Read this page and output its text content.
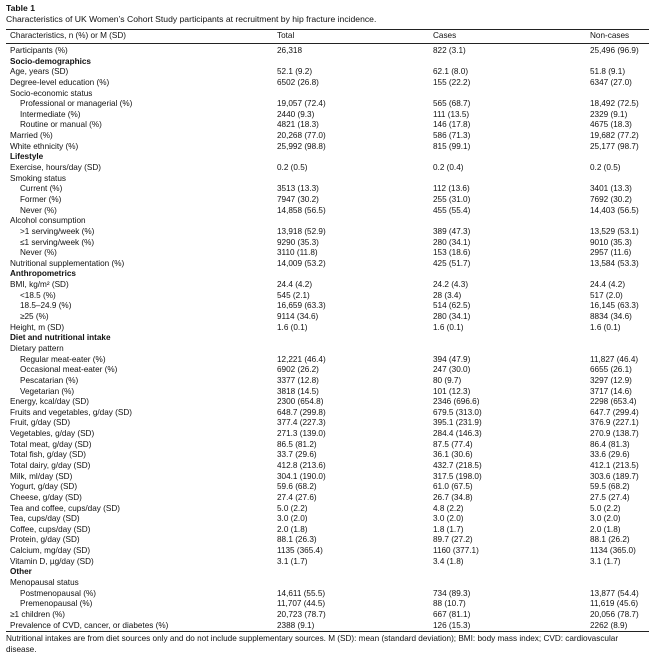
Table 1
Characteristics of UK Women’s Cohort Study participants at recruitment by hip fracture incidence.
Characteristics, n (%) or M (SD)	Total	Cases	Non-cases
Participants (%)	26,318	822 (3.1)	25,496 (96.9)
Socio-demographics
Age, years (SD)	52.1 (9.2)	62.1 (8.0)	51.8 (9.1)
Degree-level education (%)	6502 (26.8)	155 (22.2)	6347 (27.0)
Socio-economic status
Professional or managerial (%)	19,057 (72.4)	565 (68.7)	18,492 (72.5)
Intermediate (%)	2440 (9.3)	111 (13.5)	2329 (9.1)
Routine or manual (%)	4821 (18.3)	146 (17.8)	4675 (18.3)
Married (%)	20,268 (77.0)	586 (71.3)	19,682 (77.2)
White ethnicity (%)	25,992 (98.8)	815 (99.1)	25,177 (98.7)
Lifestyle
Exercise, hours/day (SD)	0.2 (0.5)	0.2 (0.4)	0.2 (0.5)
Smoking status
Current (%)	3513 (13.3)	112 (13.6)	3401 (13.3)
Former (%)	7947 (30.2)	255 (31.0)	7692 (30.2)
Never (%)	14,858 (56.5)	455 (55.4)	14,403 (56.5)
Alcohol consumption
>1 serving/week (%)	13,918 (52.9)	389 (47.3)	13,529 (53.1)
≤1 serving/week (%)	9290 (35.3)	280 (34.1)	9010 (35.3)
Never (%)	3110 (11.8)	153 (18.6)	2957 (11.6)
Nutritional supplementation (%)	14,009 (53.2)	425 (51.7)	13,584 (53.3)
Anthropometrics
BMI, kg/m² (SD)	24.4 (4.2)	24.2 (4.3)	24.4 (4.2)
<18.5 (%)	545 (2.1)	28 (3.4)	517 (2.0)
18.5–24.9 (%)	16,659 (63.3)	514 (62.5)	16,145 (63.3)
≥25 (%)	9114 (34.6)	280 (34.1)	8834 (34.6)
Height, m (SD)	1.6 (0.1)	1.6 (0.1)	1.6 (0.1)
Diet and nutritional intake
Dietary pattern
Regular meat-eater (%)	12,221 (46.4)	394 (47.9)	11,827 (46.4)
Occasional meat-eater (%)	6902 (26.2)	247 (30.0)	6655 (26.1)
Pescatarian (%)	3377 (12.8)	80 (9.7)	3297 (12.9)
Vegetarian (%)	3818 (14.5)	101 (12.3)	3717 (14.6)
Energy, kcal/day (SD)	2300 (654.8)	2346 (696.6)	2298 (653.4)
Fruits and vegetables, g/day (SD)	648.7 (299.8)	679.5 (313.0)	647.7 (299.4)
Fruit, g/day (SD)	377.4 (227.3)	395.1 (231.9)	376.9 (227.1)
Vegetables, g/day (SD)	271.3 (139.0)	284.4 (146.3)	270.9 (138.7)
Total meat, g/day (SD)	86.5 (81.2)	87.5 (77.4)	86.4 (81.3)
Total fish, g/day (SD)	33.7 (29.6)	36.1 (30.6)	33.6 (29.6)
Total dairy, g/day (SD)	412.8 (213.6)	432.7 (218.5)	412.1 (213.5)
Milk, ml/day (SD)	304.1 (190.0)	317.5 (198.0)	303.6 (189.7)
Yogurt, g/day (SD)	59.6 (68.2)	61.0 (67.5)	59.5 (68.2)
Cheese, g/day (SD)	27.4 (27.6)	26.7 (34.8)	27.5 (27.4)
Tea and coffee, cups/day (SD)	5.0 (2.2)	4.8 (2.2)	5.0 (2.2)
Tea, cups/day (SD)	3.0 (2.0)	3.0 (2.0)	3.0 (2.0)
Coffee, cups/day (SD)	2.0 (1.8)	1.8 (1.7)	2.0 (1.8)
Protein, g/day (SD)	88.1 (26.3)	89.7 (27.2)	88.1 (26.2)
Calcium, mg/day (SD)	1135 (365.4)	1160 (377.1)	1134 (365.0)
Vitamin D, µg/day (SD)	3.1 (1.7)	3.4 (1.8)	3.1 (1.7)
Other
Menopausal status
Postmenopausal (%)	14,611 (55.5)	734 (89.3)	13,877 (54.4)
Premenopausal (%)	11,707 (44.5)	88 (10.7)	11,619 (45.6)
≥1 children (%)	20,723 (78.7)	667 (81.1)	20,056 (78.7)
Prevalence of CVD, cancer, or diabetes (%)	2388 (9.1)	126 (15.3)	2262 (8.9)
Nutritional intakes are from diet sources only and do not include supplementary sources. M (SD): mean (standard deviation); BMI: body mass index; CVD: cardiovascular disease.
